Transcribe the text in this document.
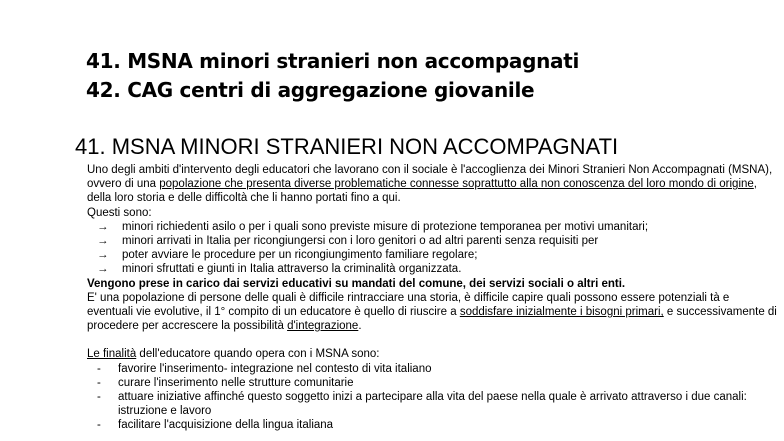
41. MSNA minori stranieri non accompagnati
42. CAG centri di aggregazione giovanile
41. MSNA MINORI STRANIERI NON ACCOMPAGNATI

Uno degli ambiti d'intervento degli educatori che lavorano con il sociale è l'accoglienza dei Minori Stranieri Non Accompagnati (MSNA), ovvero di una popolazione che presenta diverse problematiche connesse soprattutto alla non conoscenza del loro mondo di origine, della loro storia e delle difficoltà che li hanno portati fino a qui.

Questi sono:

→ minori richiedenti asilo o per i quali sono previste misure di protezione temporanea per motivi umanitari;
→ minori arrivati in Italia per ricongiungersi con i loro genitori o ad altri parenti senza requisiti per
→ poter avviare le procedure per un ricongiungimento familiare regolare;
→ minori sfruttati e giunti in Italia attraverso la criminalità organizzata.

Vengono prese in carico dai servizi educativi su mandati del comune, dei servizi sociali o altri enti.

E' una popolazione di persone delle quali è difficile rintracciare una storia, è difficile capire quali possono essere potenziali tà e eventuali vie evolutive, il 1° compito di un educatore è quello di riuscire a soddisfare inizialmente i bisogni primari, e successivamente di procedere per accrescere la possibilità d'integrazione.

Le finalità dell'educatore quando opera con i MSNA sono:

- favorire l'inserimento- integrazione nel contesto di vita italiano
- curare l'inserimento nelle strutture comunitarie
- attuare iniziative affinché questo soggetto inizi a partecipare alla vita del paese nella quale è arrivato attraverso i due canali: istruzione e lavoro
- facilitare l'acquisizione della lingua italiana
